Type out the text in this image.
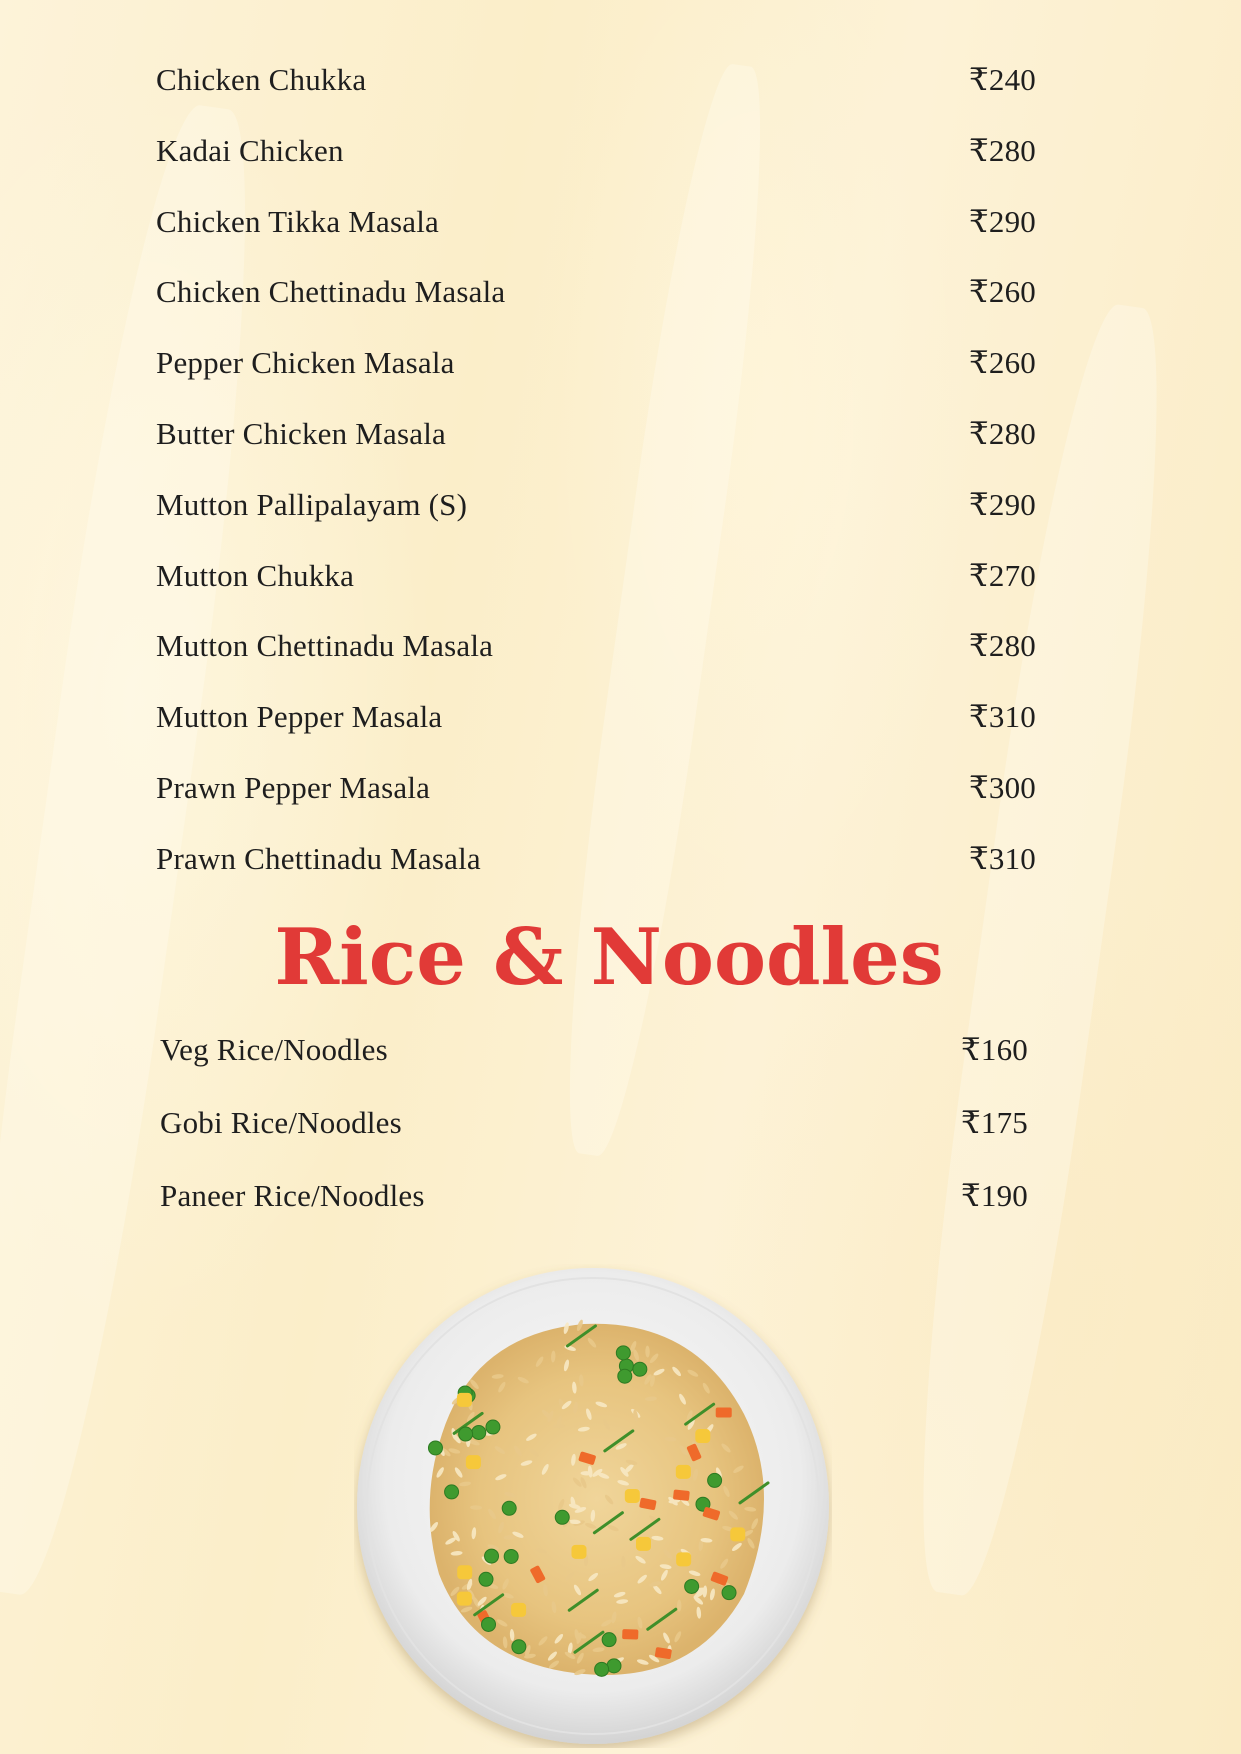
Chicken Chukka	₹240
Kadai Chicken	₹280
Chicken Tikka Masala	₹290
Chicken Chettinadu Masala	₹260
Pepper Chicken Masala	₹260
Butter Chicken Masala	₹280
Mutton Pallipalayam (S)	₹290
Mutton Chukka	₹270
Mutton Chettinadu Masala	₹280
Mutton Pepper Masala	₹310
Prawn Pepper Masala	₹300
Prawn Chettinadu Masala	₹310
Rice & Noodles
Veg Rice/Noodles	₹160
Gobi Rice/Noodles	₹175
Paneer Rice/Noodles	₹190
